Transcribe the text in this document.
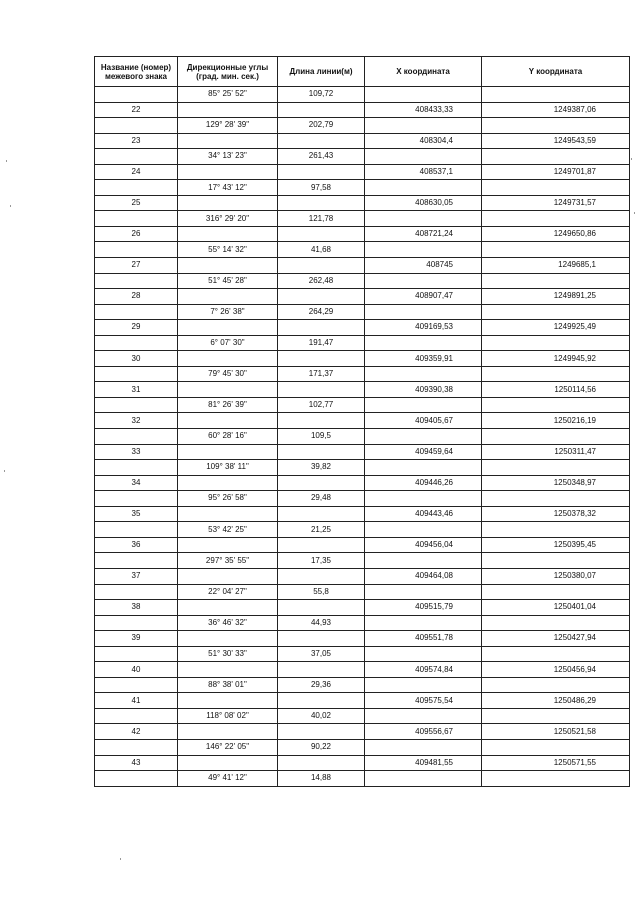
Название (номер) межевого знака	Дирекционные углы (град. мин. сек.)	Длина линии(м)	X координата	Y координата
	85° 25' 52"	109,72		
22			408433,33	1249387,06
	129° 28' 39"	202,79		
23			408304,4	1249543,59
	34° 13' 23"	261,43		
24			408537,1	1249701,87
	17° 43' 12"	97,58		
25			408630,05	1249731,57
	316° 29' 20"	121,78		
26			408721,24	1249650,86
	55° 14' 32"	41,68		
27			408745	1249685,1
	51° 45' 28"	262,48		
28			408907,47	1249891,25
	7° 26' 38"	264,29		
29			409169,53	1249925,49
	6° 07' 30"	191,47		
30			409359,91	1249945,92
	79° 45' 30"	171,37		
31			409390,38	1250114,56
	81° 26' 39"	102,77		
32			409405,67	1250216,19
	60° 28' 16"	109,5		
33			409459,64	1250311,47
	109° 38' 11"	39,82		
34			409446,26	1250348,97
	95° 26' 58"	29,48		
35			409443,46	1250378,32
	53° 42' 25"	21,25		
36			409456,04	1250395,45
	297° 35' 55"	17,35		
37			409464,08	1250380,07
	22° 04' 27"	55,8		
38			409515,79	1250401,04
	36° 46' 32"	44,93		
39			409551,78	1250427,94
	51° 30' 33"	37,05		
40			409574,84	1250456,94
	88° 38' 01"	29,36		
41			409575,54	1250486,29
	118° 08' 02"	40,02		
42			409556,67	1250521,58
	146° 22' 05"	90,22		
43			409481,55	1250571,55
	49° 41' 12"	14,88		
